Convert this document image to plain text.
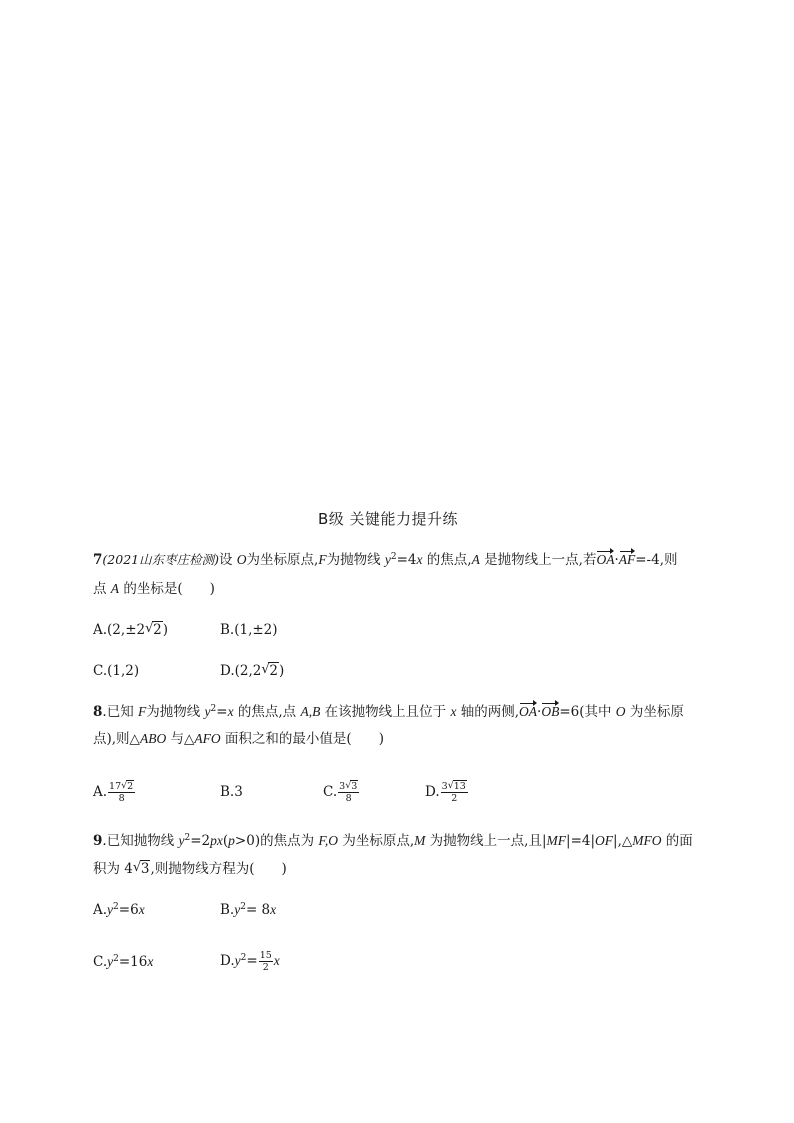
B级 关键能力提升练
7(2021山东枣庄检测)设 O为坐标原点,F为抛物线 $y^2=4x$ 的焦点,A 是抛物线上一点,若OA·AF=-4,则
点 A 的坐标是(　　)
A.(2,±2 √ 2)	B.(1,±2)
C.(1,2)	D.(2,2 √ 2)
8.已知 F为抛物线 $y^2=x$ 的焦点,点 A,B 在该抛物线上且位于 x 轴的两侧,OA·OB=6(其中 O 为坐标原
点),则△ABO 与△AFO 面积之和的最小值是(　　)
A. $\frac{17 √ 2}{8}$	B.3	C. $\frac{3 √ 3}{8}$	D. $\frac{3 √ 13}{2}$
9.已知抛物线 $y^2=2px(p>0)$的焦点为 F,O 为坐标原点,M 为抛物线上一点,且|MF|=4|OF|,△MFO 的面
积为 4 √ 3,则抛物线方程为(　　)
$A.y^2=6x$	$B.y^2= 8x$
$C.y^2=16x$	$D.y^2= \frac{15}{2}$ x
